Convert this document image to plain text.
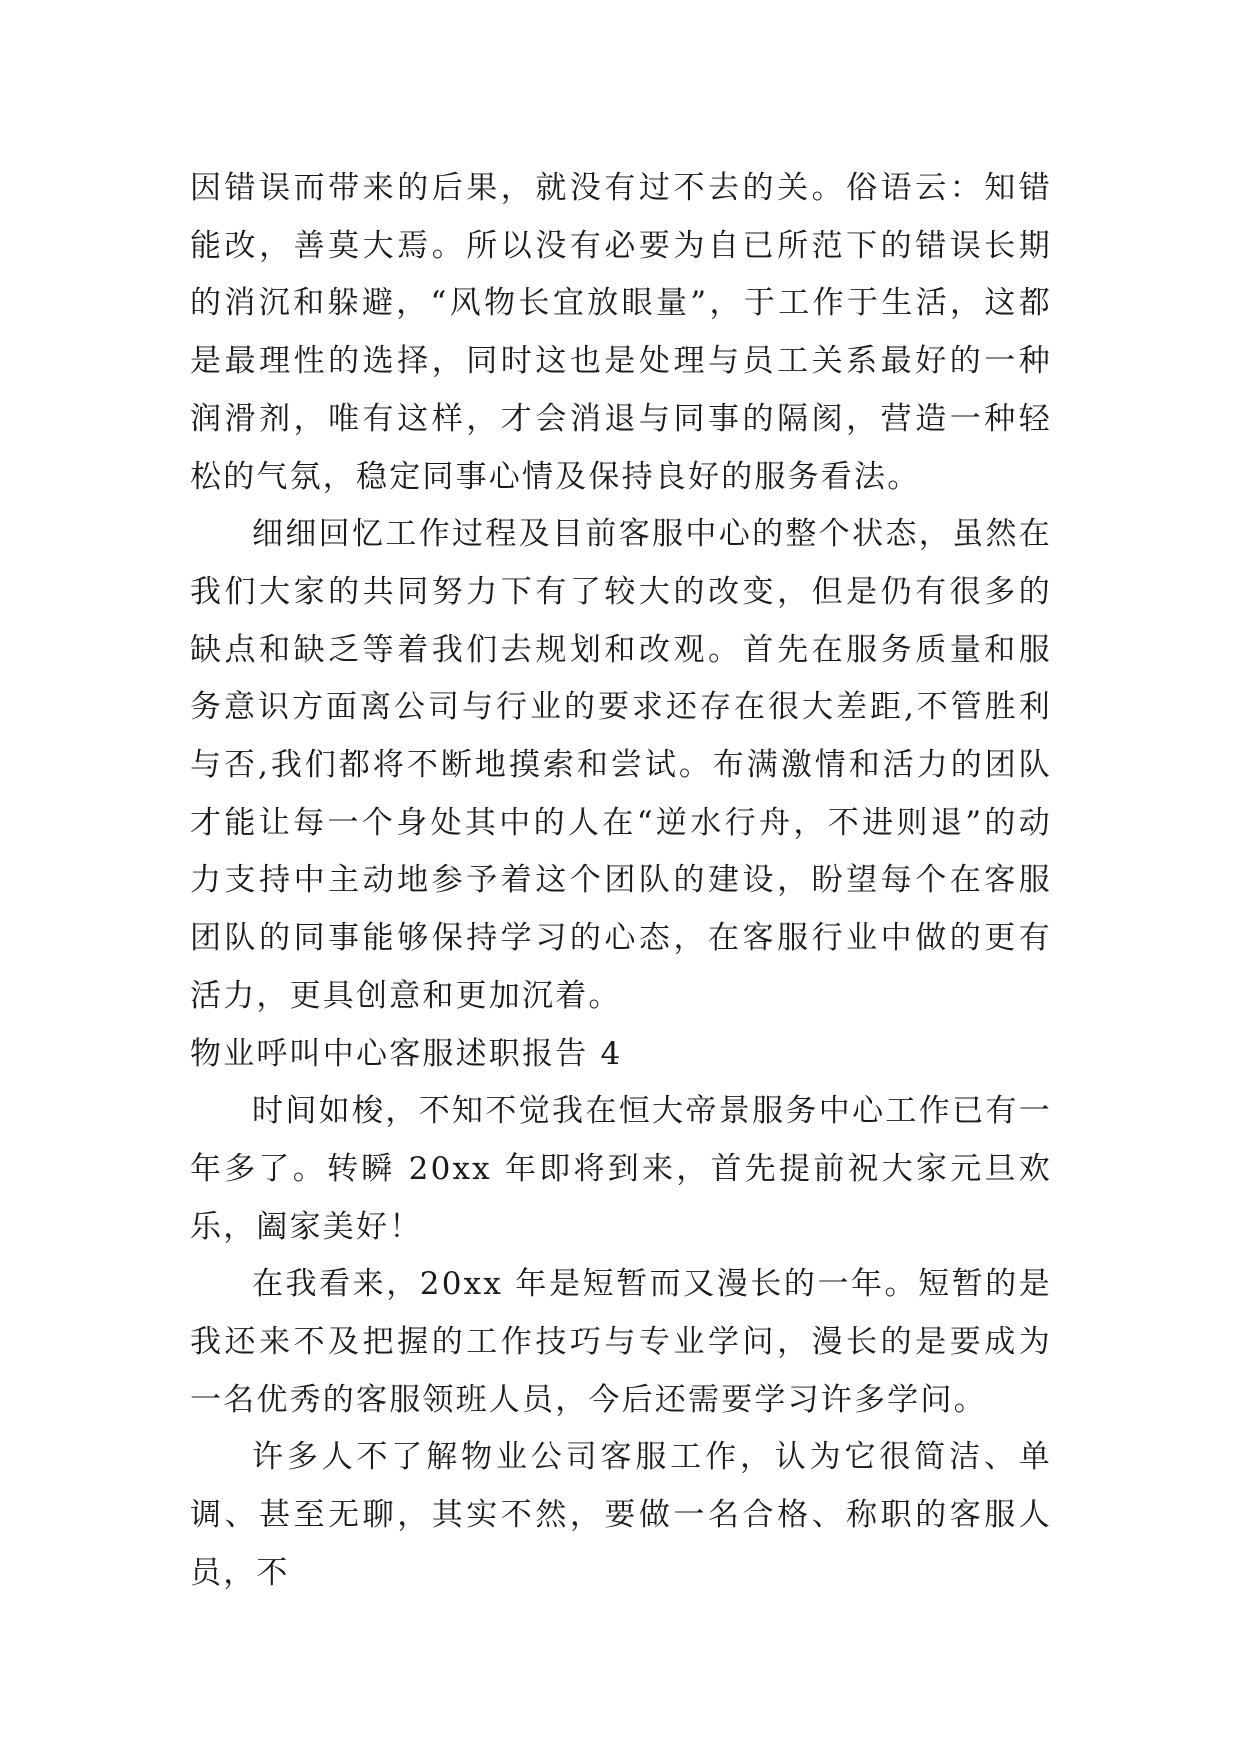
因错误而带来的后果，就没有过不去的关。俗语云：知错能改，善莫大焉。所以没有必要为自已所范下的错误长期的消沉和躲避，“风物长宜放眼量”，于工作于生活，这都是最理性的选择，同时这也是处理与员工关系最好的一种润滑剂，唯有这样，才会消退与同事的隔阂，营造一种轻松的气氛，稳定同事心情及保持良好的服务看法。

细细回忆工作过程及目前客服中心的整个状态，虽然在我们大家的共同努力下有了较大的改变，但是仍有很多的缺点和缺乏等着我们去规划和改观。首先在服务质量和服务意识方面离公司与行业的要求还存在很大差距,不管胜利与否,我们都将不断地摸索和尝试。布满激情和活力的团队才能让每一个身处其中的人在“逆水行舟，不进则退”的动力支持中主动地参予着这个团队的建设，盼望每个在客服团队的同事能够保持学习的心态，在客服行业中做的更有活力，更具创意和更加沉着。

物业呼叫中心客服述职报告 4

时间如梭，不知不觉我在恒大帝景服务中心工作已有一年多了。转瞬 20xx 年即将到来，首先提前祝大家元旦欢乐，阖家美好！

在我看来，20xx 年是短暂而又漫长的一年。短暂的是我还来不及把握的工作技巧与专业学问，漫长的是要成为一名优秀的客服领班人员，今后还需要学习许多学问。

许多人不了解物业公司客服工作，认为它很简洁、单调、甚至无聊，其实不然，要做一名合格、称职的客服人员，不
